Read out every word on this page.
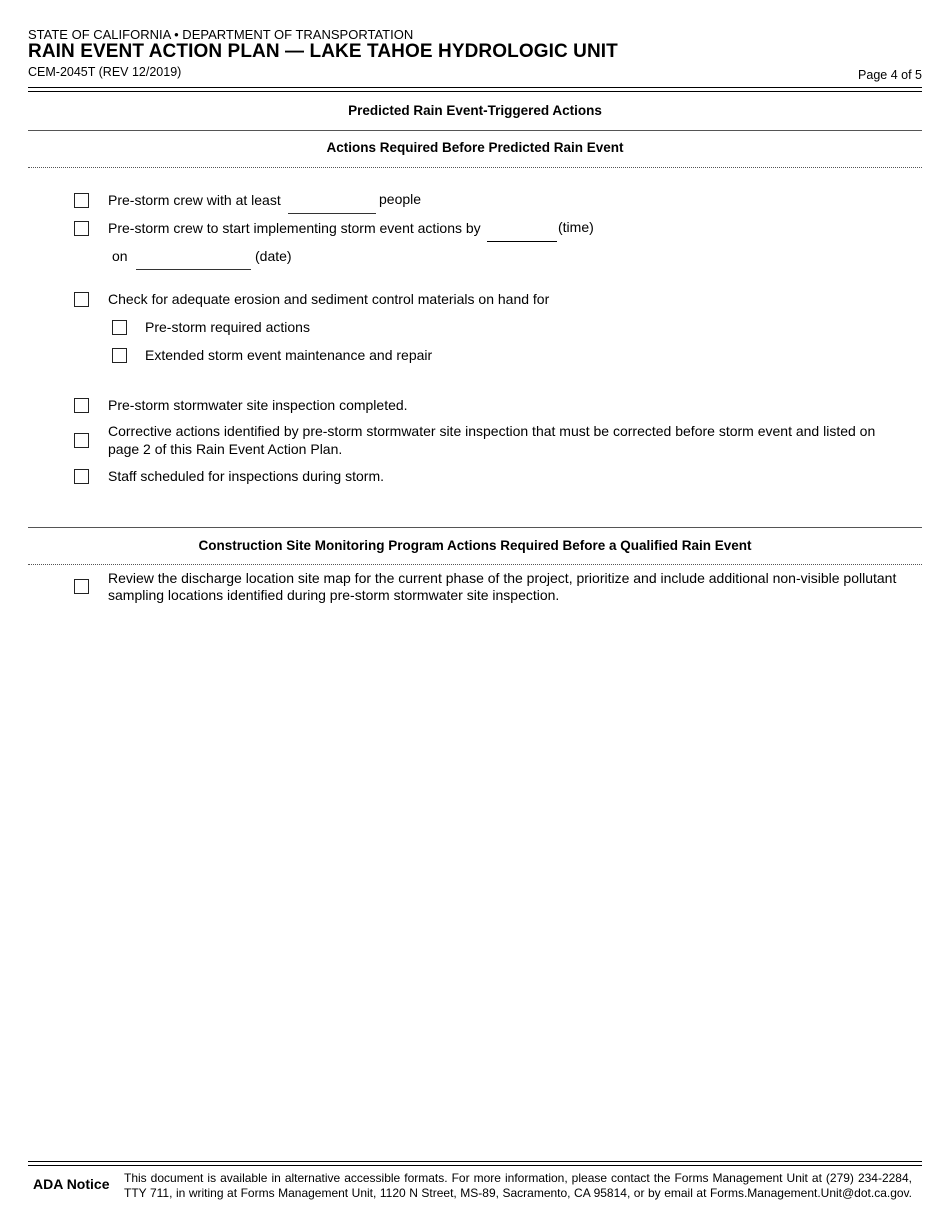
STATE OF CALIFORNIA • DEPARTMENT OF TRANSPORTATION
RAIN EVENT ACTION PLAN — LAKE TAHOE HYDROLOGIC UNIT
CEM-2045T (REV 12/2019)	Page 4 of 5
Predicted Rain Event-Triggered Actions
Actions Required Before Predicted Rain Event
Pre-storm crew with at least	people
Pre-storm crew to start implementing storm event actions by	(time)
on	(date)
Check for adequate erosion and sediment control materials on hand for
Pre-storm required actions
Extended storm event maintenance and repair
Pre-storm stormwater site inspection completed.
Corrective actions identified by pre-storm stormwater site inspection that must be corrected before storm event and listed on
page 2 of this Rain Event Action Plan.
Staff scheduled for inspections during storm.
Construction Site Monitoring Program Actions Required Before a Qualified Rain Event
Review the discharge location site map for the current phase of the project, prioritize and include additional non-visible pollutant
sampling locations identified during pre-storm stormwater site inspection.
ADA Notice This document is available in alternative accessible formats. For more information, please contact the Forms Management Unit at (279) 234-2284, TTY 711, in writing at Forms Management Unit, 1120 N Street, MS-89, Sacramento, CA 95814, or by email at Forms.Management.Unit@dot.ca.gov.
